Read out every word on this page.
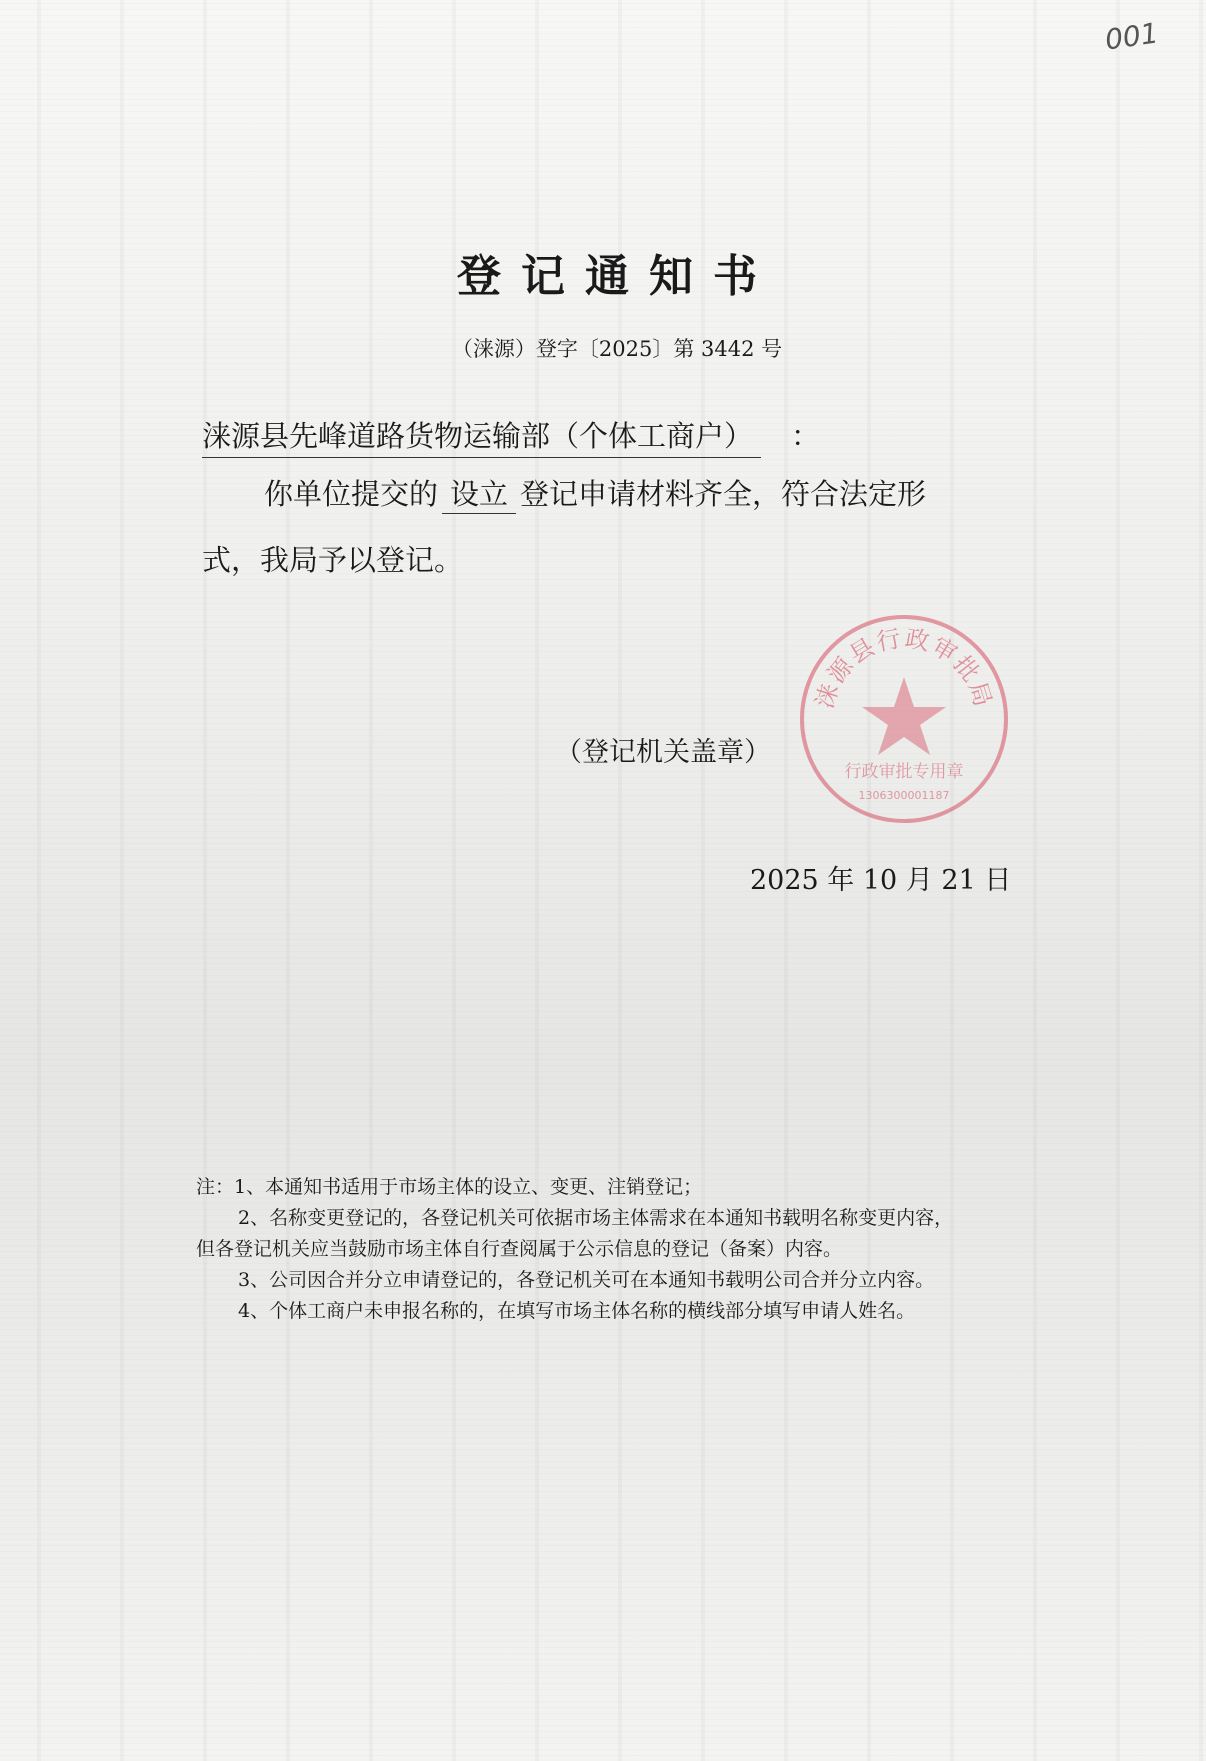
001
登记通知书
（涞源）登字〔2025〕第 3442 号
涞源县先峰道路货物运输部（个体工商户） ：
你单位提交的 设立 登记申请材料齐全，符合法定形
式，我局予以登记。
涞源县行政审批局
行政审批专用章
1306300001187
（登记机关盖章）
2025 年 10 月 21 日
注：1、本通知书适用于市场主体的设立、变更、注销登记；
2、名称变更登记的，各登记机关可依据市场主体需求在本通知书载明名称变更内容，
但各登记机关应当鼓励市场主体自行查阅属于公示信息的登记（备案）内容。
3、公司因合并分立申请登记的，各登记机关可在本通知书载明公司合并分立内容。
4、个体工商户未申报名称的，在填写市场主体名称的横线部分填写申请人姓名。
